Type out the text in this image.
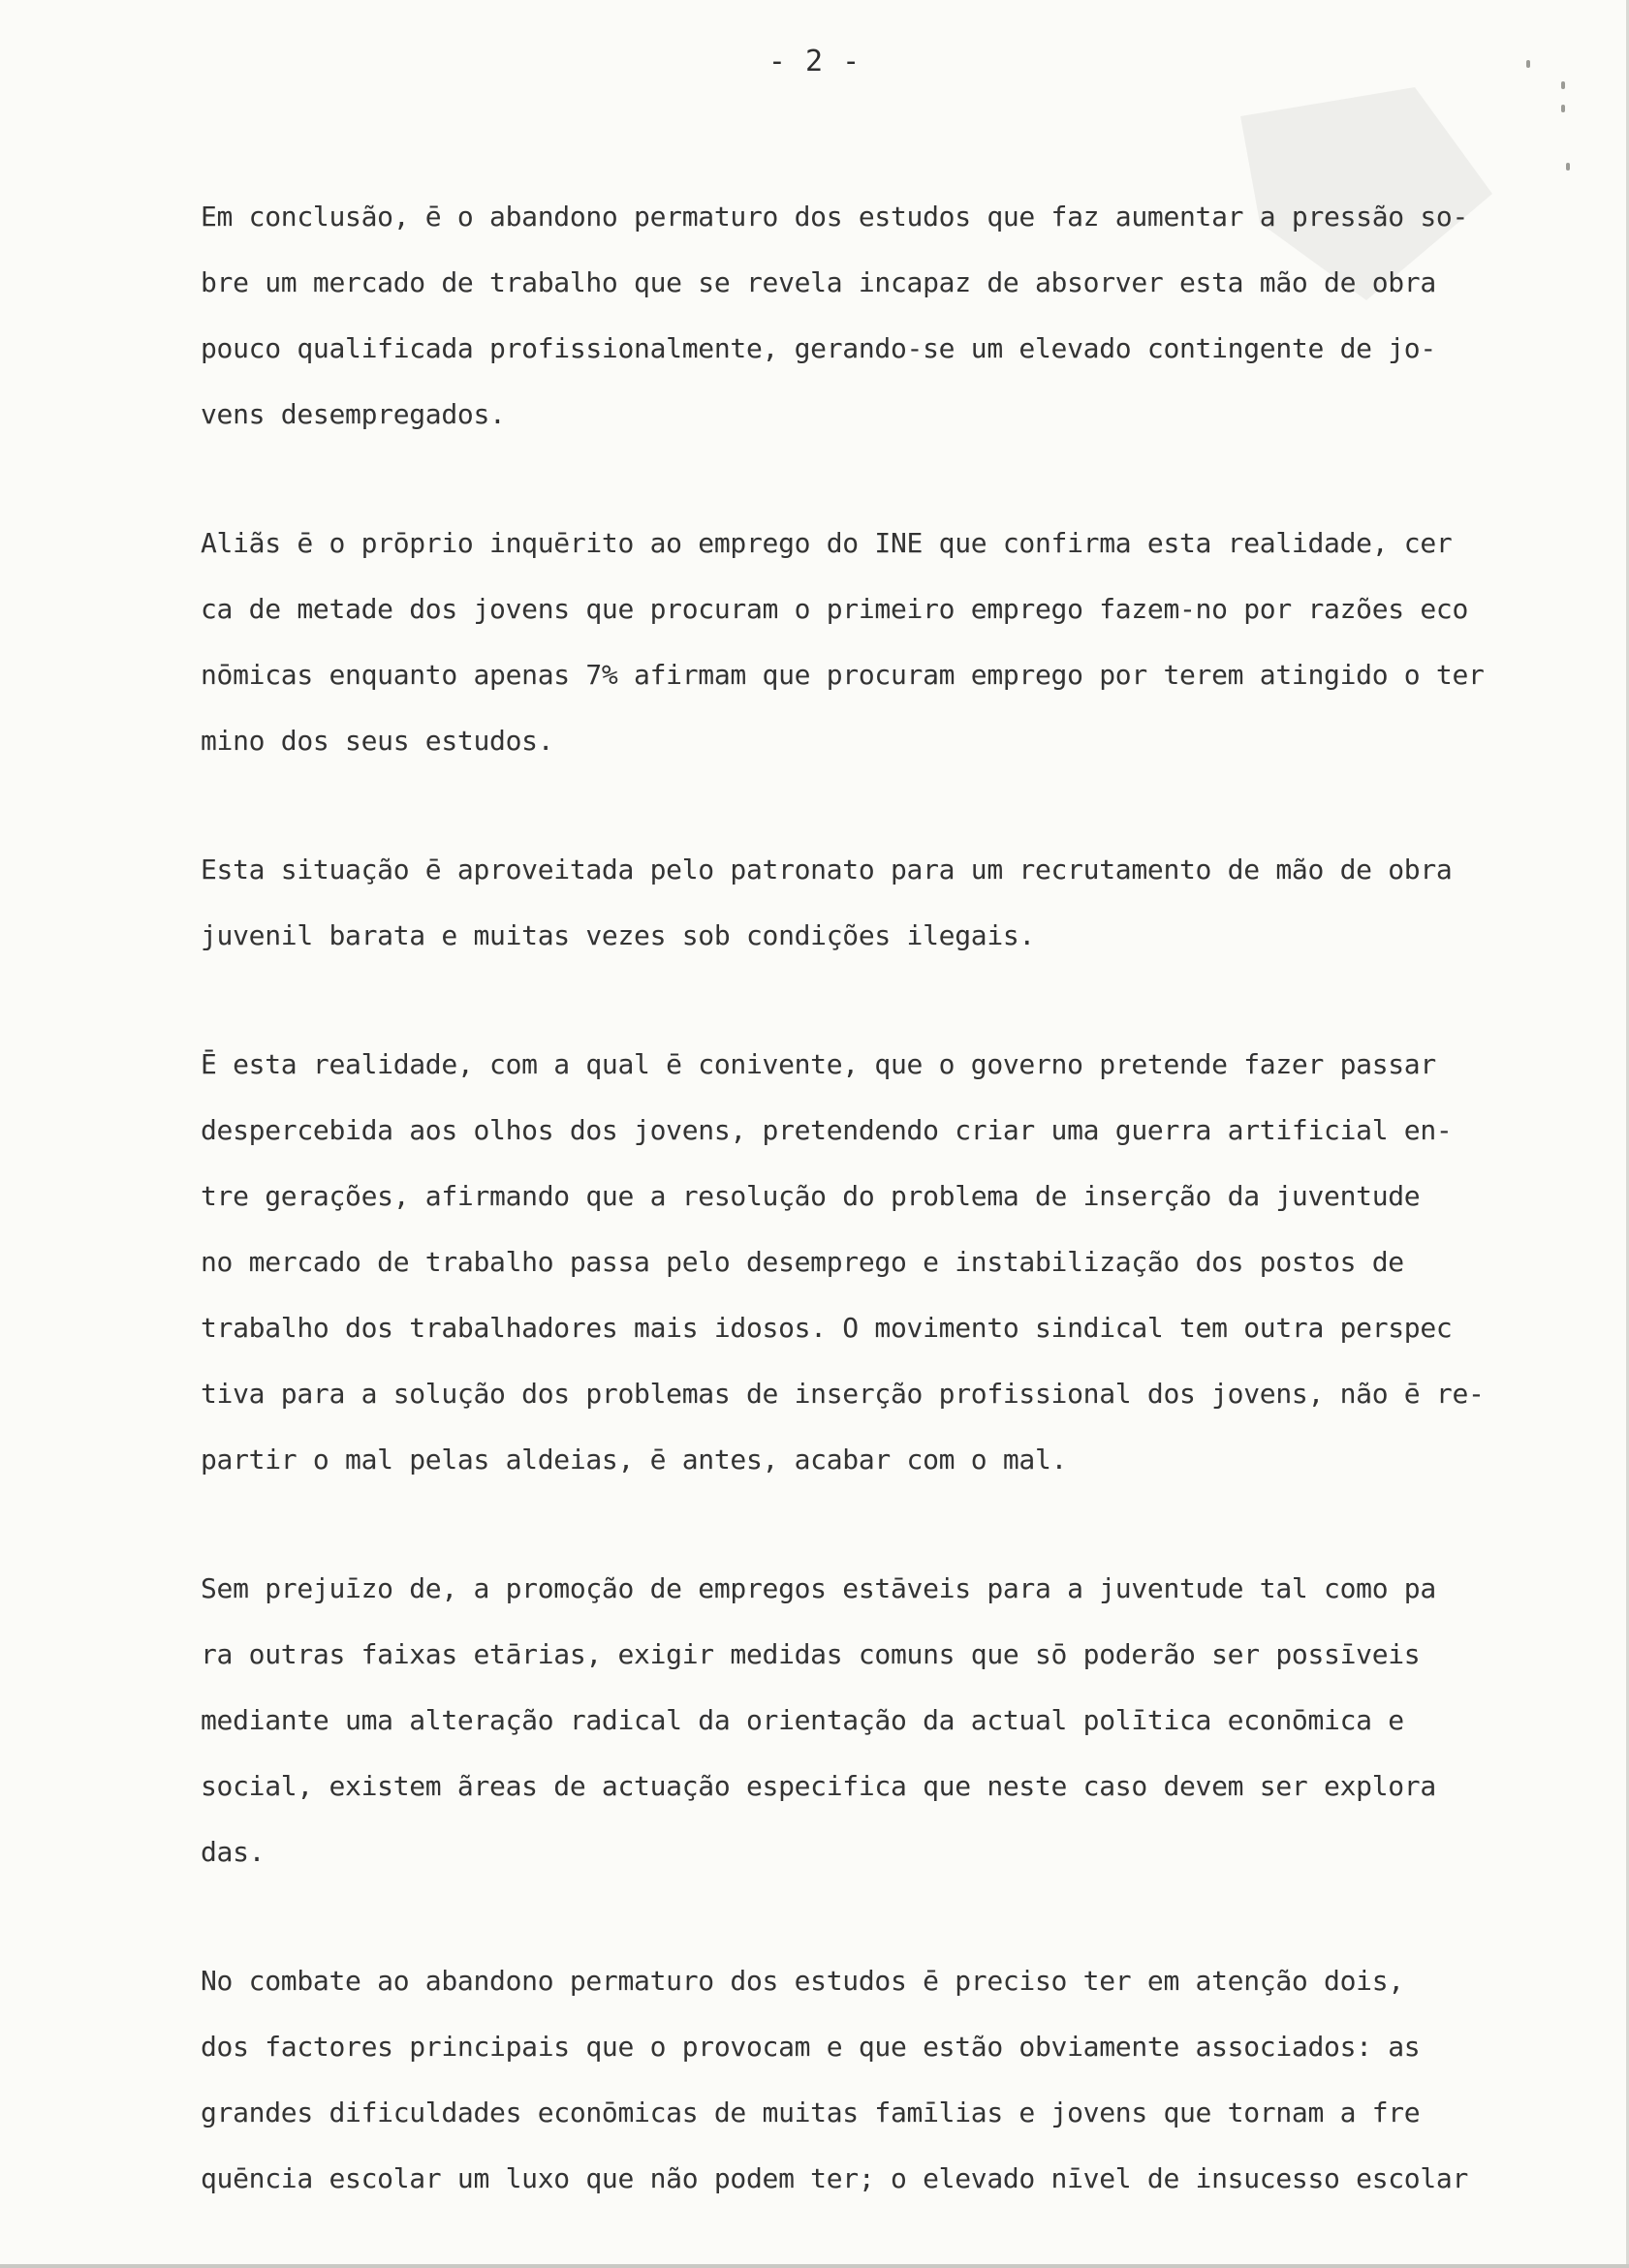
- 2 -
Em conclusão, ē o abandono permaturo dos estudos que faz aumentar a pressão so-
bre um mercado de trabalho que se revela incapaz de absorver esta mão de obra
pouco qualificada profissionalmente, gerando-se um elevado contingente de jo-
vens desempregados.
Aliãs ē o prōprio inquērito ao emprego do INE que confirma esta realidade, cer
ca de metade dos jovens que procuram o primeiro emprego fazem-no por razões eco
nōmicas enquanto apenas 7% afirmam que procuram emprego por terem atingido o ter
mino dos seus estudos.
Esta situação ē aproveitada pelo patronato para um recrutamento de mão de obra
juvenil barata e muitas vezes sob condições ilegais.
Ē esta realidade, com a qual ē conivente, que o governo pretende fazer passar
despercebida aos olhos dos jovens, pretendendo criar uma guerra artificial en-
tre gerações, afirmando que a resolução do problema de inserção da juventude
no mercado de trabalho passa pelo desemprego e instabilização dos postos de
trabalho dos trabalhadores mais idosos. O movimento sindical tem outra perspec
tiva para a solução dos problemas de inserção profissional dos jovens, não ē re-
partir o mal pelas aldeias, ē antes, acabar com o mal.
Sem prejuīzo de, a promoção de empregos estāveis para a juventude tal como pa
ra outras faixas etārias, exigir medidas comuns que sō poderão ser possīveis
mediante uma alteração radical da orientação da actual polītica econōmica e
social, existem ãreas de actuação especifica que neste caso devem ser explora
das.
No combate ao abandono permaturo dos estudos ē preciso ter em atenção dois,
dos factores principais que o provocam e que estão obviamente associados: as
grandes dificuldades econōmicas de muitas famīlias e jovens que tornam a fre
quēncia escolar um luxo que não podem ter; o elevado nīvel de insucesso escolar
